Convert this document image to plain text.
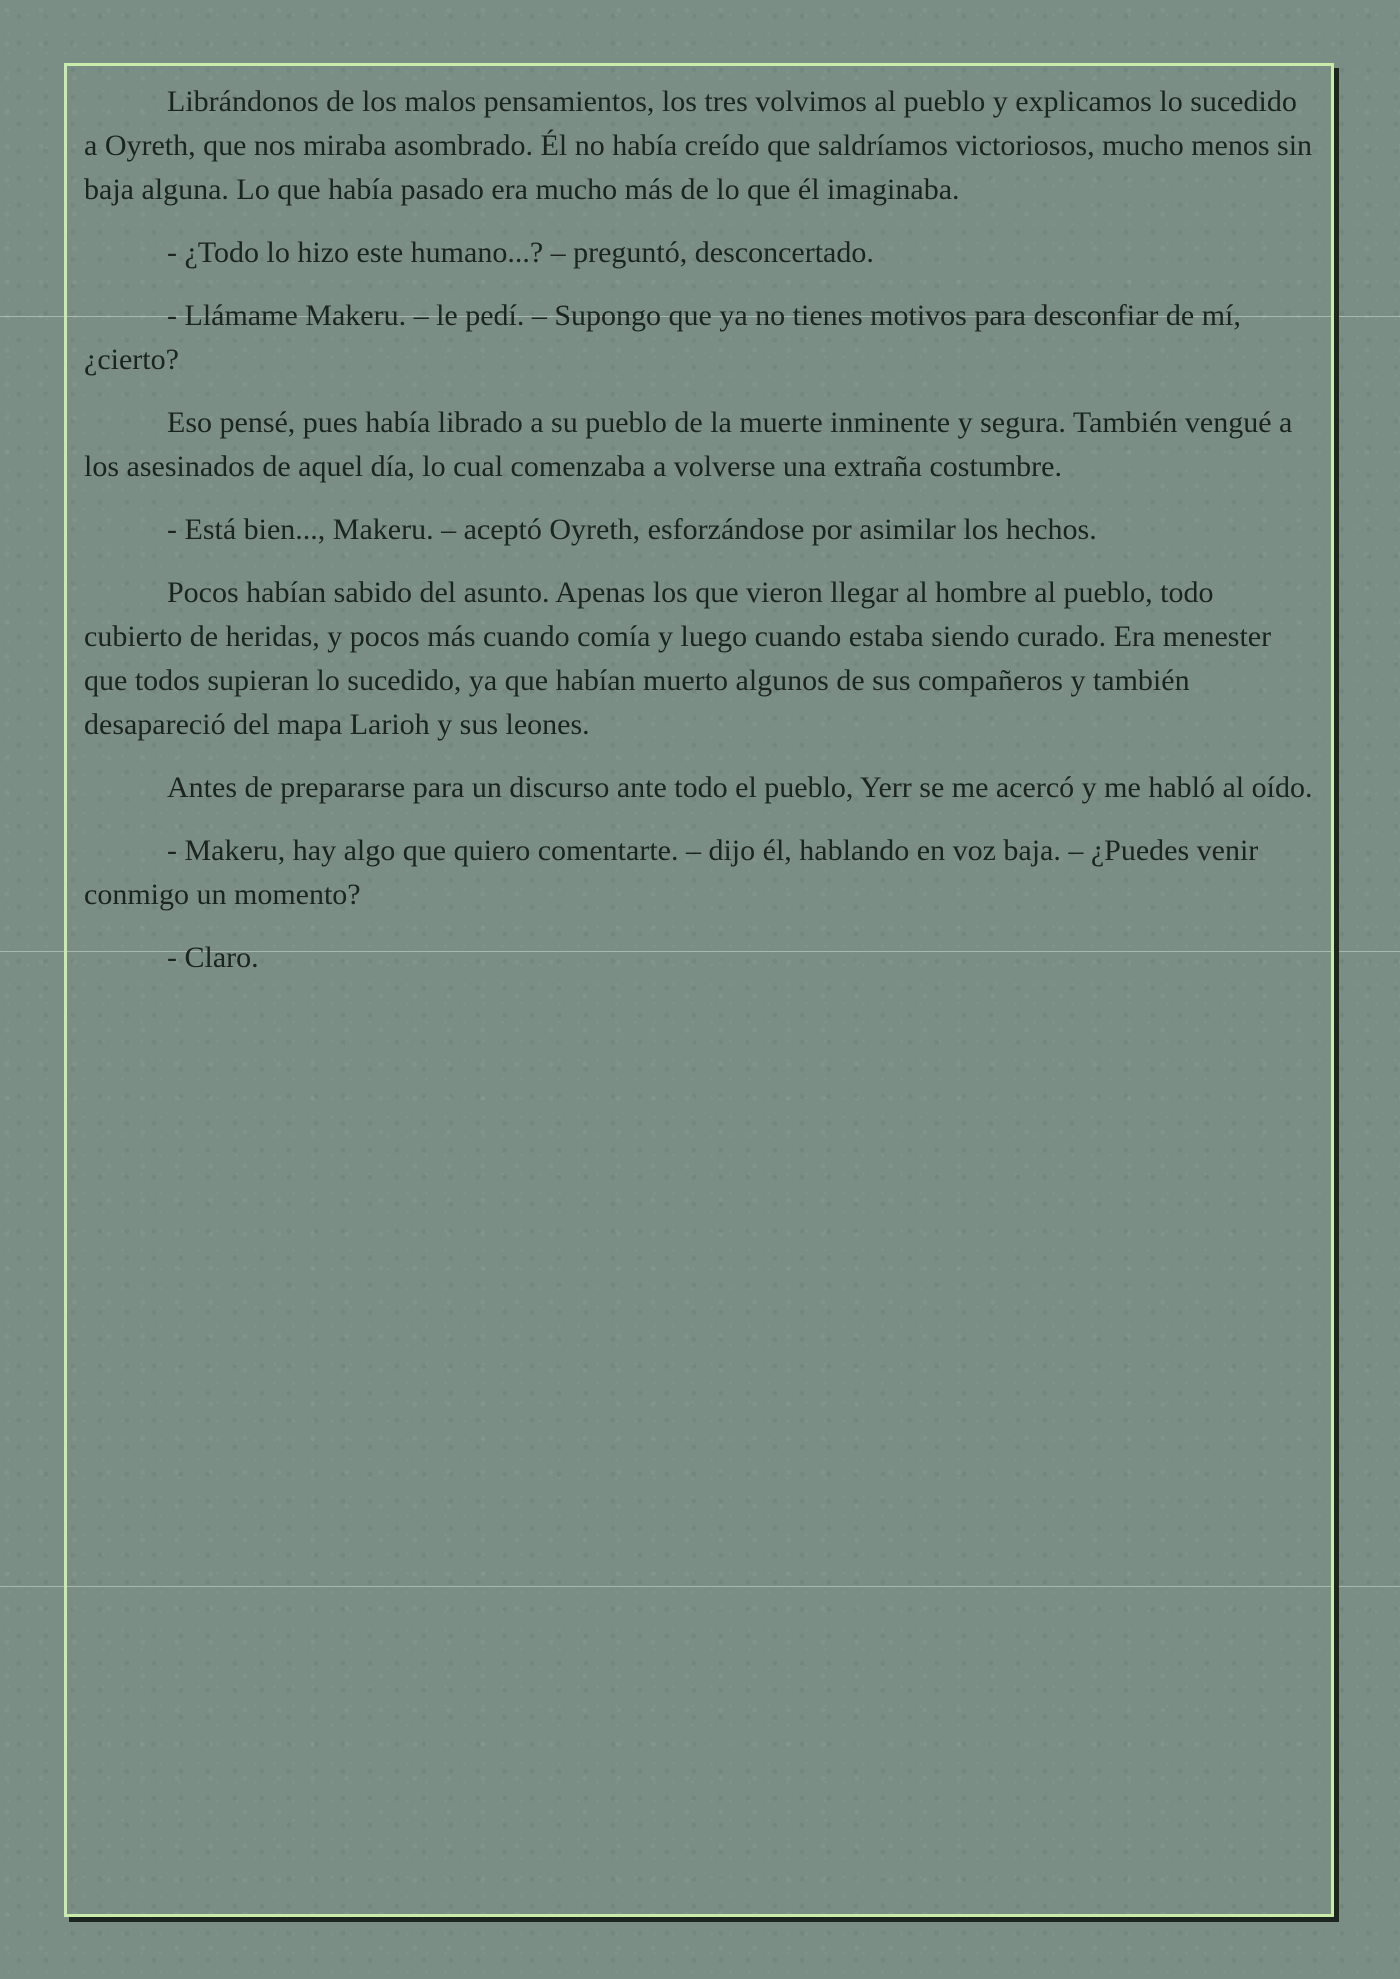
Librándonos de los malos pensamientos, los tres volvimos al pueblo y explicamos lo sucedido a Oyreth, que nos miraba asombrado. Él no había creído que saldríamos victoriosos, mucho menos sin baja alguna. Lo que había pasado era mucho más de lo que él imaginaba.

- ¿Todo lo hizo este humano...? – preguntó, desconcertado.

- Llámame Makeru. – le pedí. – Supongo que ya no tienes motivos para desconfiar de mí, ¿cierto?

Eso pensé, pues había librado a su pueblo de la muerte inminente y segura. También vengué a los asesinados de aquel día, lo cual comenzaba a volverse una extraña costumbre.

- Está bien..., Makeru. – aceptó Oyreth, esforzándose por asimilar los hechos.

Pocos habían sabido del asunto. Apenas los que vieron llegar al hombre al pueblo, todo cubierto de heridas, y pocos más cuando comía y luego cuando estaba siendo curado. Era menester que todos supieran lo sucedido, ya que habían muerto algunos de sus compañeros y también desapareció del mapa Larioh y sus leones.

Antes de prepararse para un discurso ante todo el pueblo, Yerr se me acercó y me habló al oído.

- Makeru, hay algo que quiero comentarte. – dijo él, hablando en voz baja. – ¿Puedes venir conmigo un momento?

- Claro.
